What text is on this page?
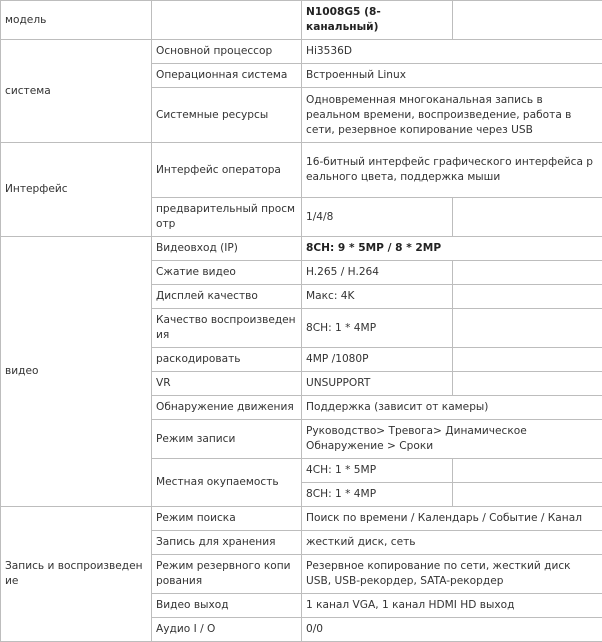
модель		N1008G5 (8-канальный)	
система	Основной процессор	Hi3536D	
	Операционная система	Встроенный Linux	
	Системные ресурсы	Одновременная многоканальная запись в реальном времени, воспроизведение, работа в сети, резервное копирование через USB	
Интерфейс	Интерфейс оператора	16-битный интерфейс графического интерфейса реального цвета, поддержка мыши	
	предварительный просмотр	1/4/8	
видео	Видеовход (IP)	8CH: 9 * 5MP / 8 * 2MP	
	Сжатие видео	H.265 / H.264	
	Дисплей качество	Макс: 4K	
	Качество воспроизведения	8CH: 1 * 4MP	
	раскодировать	4MP /1080P	
	VR	UNSUPPORT	
	Обнаружение движения	Поддержка (зависит от камеры)	
	Режим записи	Руководство> Тревога> Динамическое Обнаружение > Сроки	
	Местная окупаемость	4CH: 1 * 5MP	
		8CH: 1 * 4MP	
Запись и воспроизведение	Режим поиска	Поиск по времени / Календарь / Событие / Канал	
	Запись для хранения	жесткий диск, сеть	
	Режим резервного копирования	Резервное копирование по сети, жесткий диск USB, USB-рекордер, SATA-рекордер	
	Видео выход	1 канал VGA, 1 канал HDMI HD выход	
	Аудио I / O	0/0	
